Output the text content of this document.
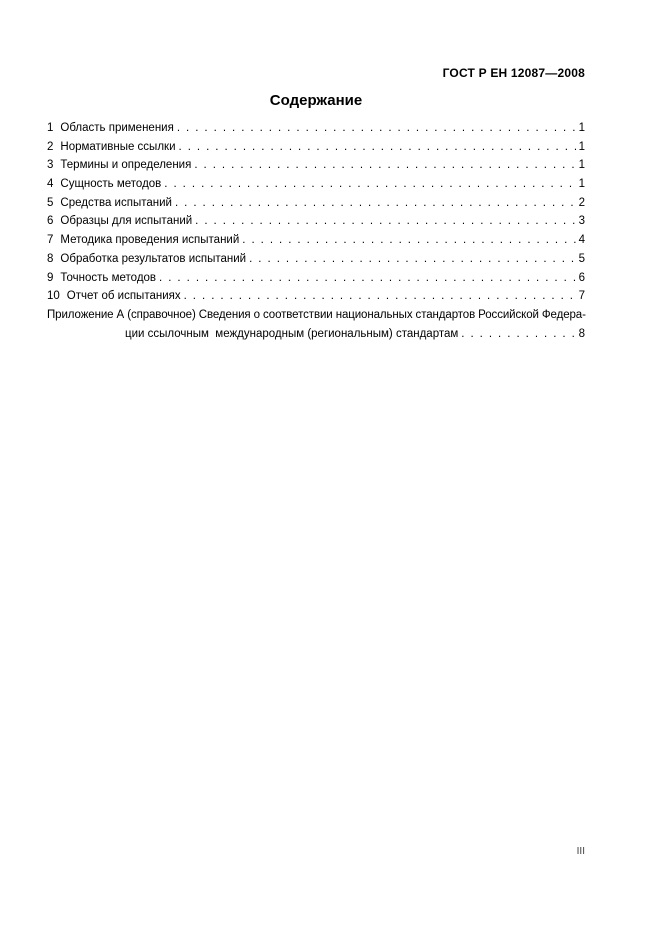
ГОСТ Р ЕН 12087—2008
Содержание
1 Область применения .....	1
2 Нормативные ссылки .....	1
3 Термины и определения .....	1
4 Сущность методов .....	1
5 Средства испытаний .....	2
6 Образцы для испытаний .....	3
7 Методика проведения испытаний .....	4
8 Обработка результатов испытаний .....	5
9 Точность методов .....	6
10 Отчет об испытаниях .....	7
Приложение А (справочное) Сведения о соответствии национальных стандартов Российской Федера-
ции ссылочным  международным (региональным) стандартам .....	8
III
